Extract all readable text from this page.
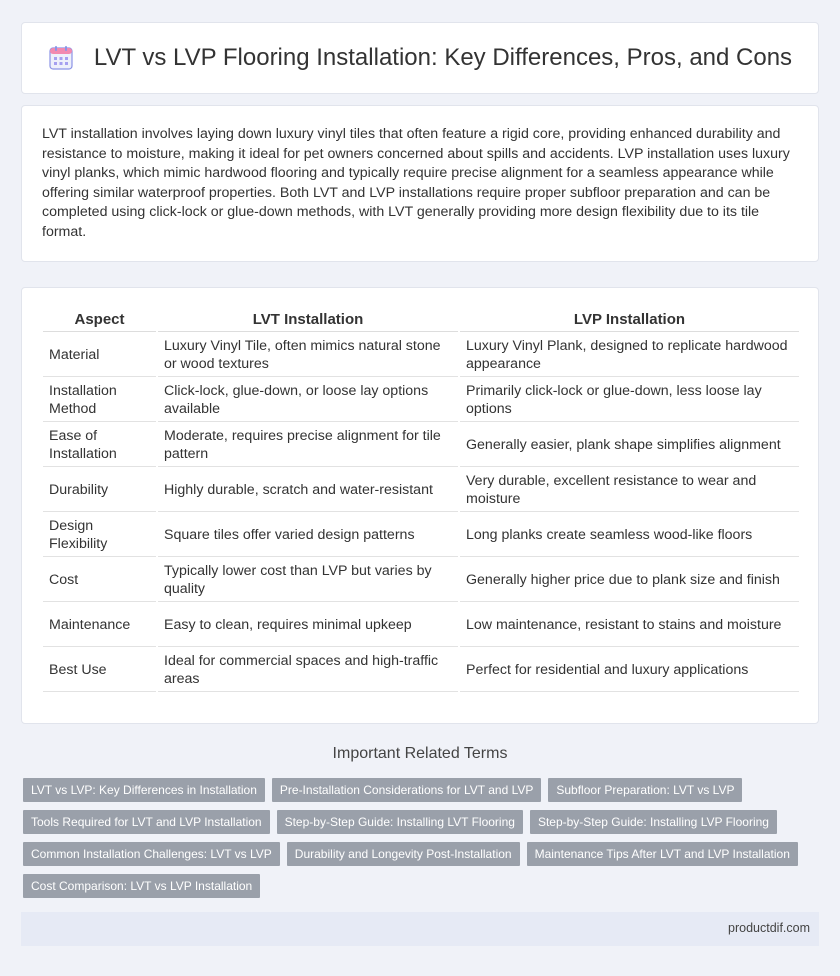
LVT vs LVP Flooring Installation: Key Differences, Pros, and Cons

LVT installation involves laying down luxury vinyl tiles that often feature a rigid core, providing enhanced durability and resistance to moisture, making it ideal for pet owners concerned about spills and accidents. LVP installation uses luxury vinyl planks, which mimic hardwood flooring and typically require precise alignment for a seamless appearance while offering similar waterproof properties. Both LVT and LVP installations require proper subfloor preparation and can be completed using click-lock or glue-down methods, with LVT generally providing more design flexibility due to its tile format.

Aspect	LVT Installation	LVP Installation
Material	Luxury Vinyl Tile, often mimics natural stone or wood textures	Luxury Vinyl Plank, designed to replicate hardwood appearance
Installation Method	Click-lock, glue-down, or loose lay options available	Primarily click-lock or glue-down, less loose lay options
Ease of Installation	Moderate, requires precise alignment for tile pattern	Generally easier, plank shape simplifies alignment
Durability	Highly durable, scratch and water-resistant	Very durable, excellent resistance to wear and moisture
Design Flexibility	Square tiles offer varied design patterns	Long planks create seamless wood-like floors
Cost	Typically lower cost than LVP but varies by quality	Generally higher price due to plank size and finish
Maintenance	Easy to clean, requires minimal upkeep	Low maintenance, resistant to stains and moisture
Best Use	Ideal for commercial spaces and high-traffic areas	Perfect for residential and luxury applications
Important Related Terms
LVT vs LVP: Key Differences in Installation	Pre-Installation Considerations for LVT and LVP	Subfloor Preparation: LVT vs LVP
Tools Required for LVT and LVP Installation	Step-by-Step Guide: Installing LVT Flooring	Step-by-Step Guide: Installing LVP Flooring
Common Installation Challenges: LVT vs LVP	Durability and Longevity Post-Installation	Maintenance Tips After LVT and LVP Installation
Cost Comparison: LVT vs LVP Installation
productdif.com
